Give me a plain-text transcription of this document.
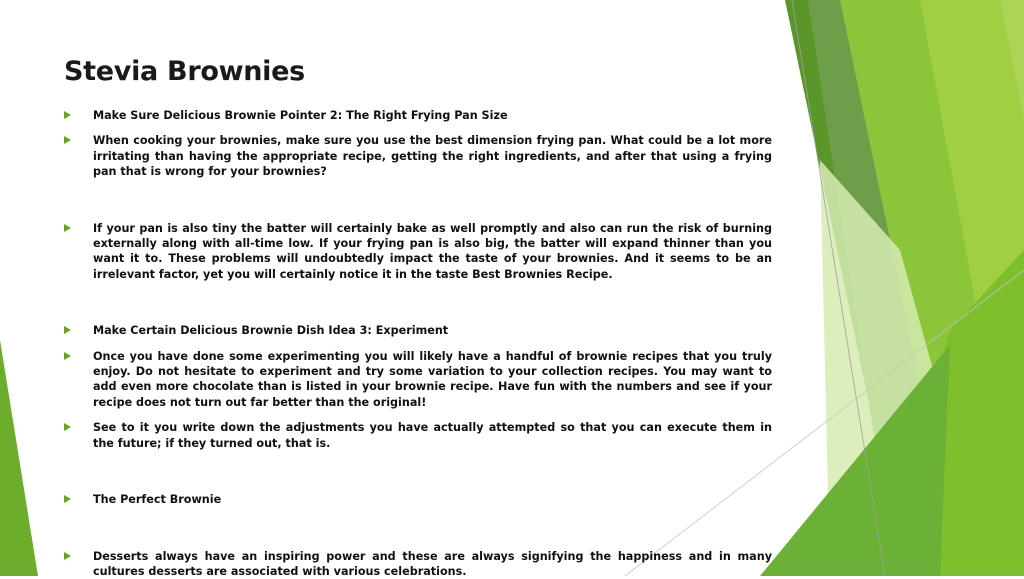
Stevia Brownies
Make Sure Delicious Brownie Pointer 2: The Right Frying Pan Size
When cooking your brownies, make sure you use the best dimension frying pan. What could be a lot more irritating than having the appropriate recipe, getting the right ingredients, and after that using a frying pan that is wrong for your brownies?
If your pan is also tiny the batter will certainly bake as well promptly and also can run the risk of burning externally along with all-time low. If your frying pan is also big, the batter will expand thinner than you want it to. These problems will undoubtedly impact the taste of your brownies. And it seems to be an irrelevant factor, yet you will certainly notice it in the taste Best Brownies Recipe.
Make Certain Delicious Brownie Dish Idea 3: Experiment
Once you have done some experimenting you will likely have a handful of brownie recipes that you truly enjoy. Do not hesitate to experiment and try some variation to your collection recipes. You may want to add even more chocolate than is listed in your brownie recipe. Have fun with the numbers and see if your recipe does not turn out far better than the original!
See to it you write down the adjustments you have actually attempted so that you can execute them in the future; if they turned out, that is.
The Perfect Brownie
Desserts always have an inspiring power and these are always signifying the happiness and in many cultures desserts are associated with various celebrations.
